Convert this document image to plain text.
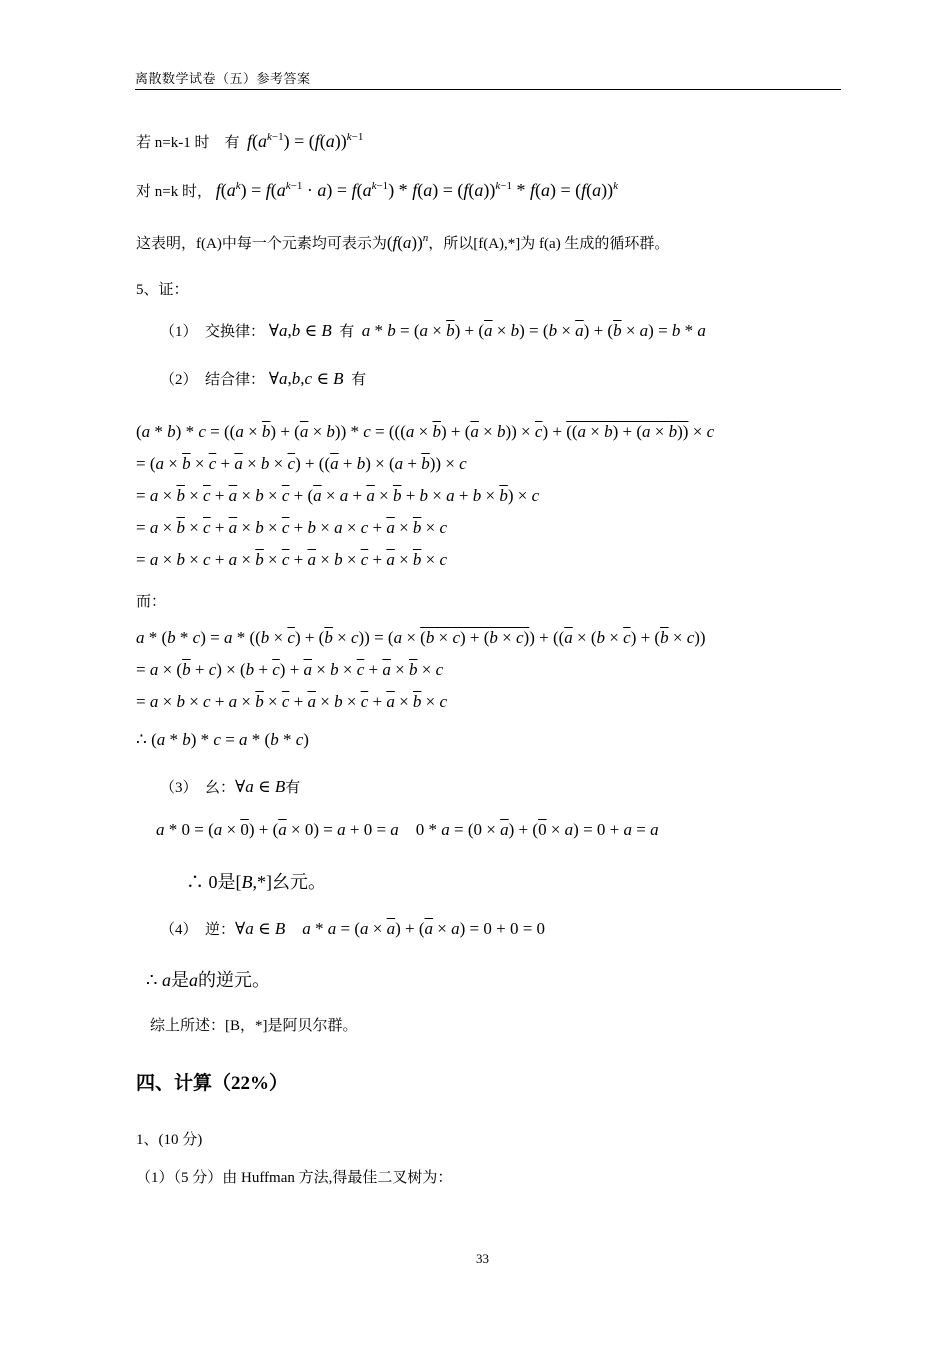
离散数学试卷（五）参考答案
若 n=k-1 时　有 $f(a^{k-1}) = (f(a))^{k-1}$
对 n=k 时， $f(a^k) = f(a^{k-1} \cdot a) = f(a^{k-1}) * f(a) = (f(a))^{k-1} * f(a) = (f(a))^k$
这表明，f(A)中每一个元素均可表示为$(f(a))^n$，所以[f(A),*]为 f(a) 生成的循环群。
5、证：
（1）　交换律： ∀a,b ∈ B  有  $a * b = (a \times \overline{b}) + (\overline{a} \times b) = (b \times \overline{a}) + (\overline{b} \times a) = b * a$
（2）　结合律： ∀a,b,c ∈ B 有
$(a * b) * c = ((a \times \overline{b}) + (\overline{a} \times b)) * c = (((a \times \overline{b}) + (\overline{a} \times b)) \times \overline{c}) + ((a \times b) + (a \times b)) \times c$
= $(a \times \overline{b} \times \overline{c} + \overline{a} \times b \times \overline{c}) + ((\overline{a} + b) \times (a + \overline{b})) \times c$
= $a \times \overline{b} \times \overline{c} + \overline{a} \times b \times \overline{c} + (\overline{a} \times a + \overline{a} \times \overline{b} + b \times a + b \times \overline{b}) \times c$
= $a \times \overline{b} \times \overline{c} + \overline{a} \times b \times \overline{c} + b \times a \times c + \overline{a} \times \overline{b} \times c$
= $a \times b \times c + a \times \overline{b} \times \overline{c} + \overline{a} \times b \times \overline{c} + \overline{a} \times \overline{b} \times c$
而：
$a * (b * c) = a * ((b \times \overline{c}) + (\overline{b} \times c)) = (a \times (b \times c) + (b \times c)) + ((\overline{a} \times (b \times \overline{c}) + (\overline{b} \times c))$
= $a \times (\overline{b} + c) \times (b + \overline{c}) + \overline{a} \times b \times \overline{c} + \overline{a} \times \overline{b} \times c$
= $a \times b \times c + a \times \overline{b} \times \overline{c} + \overline{a} \times b \times \overline{c} + \overline{a} \times \overline{b} \times c$
∴ (a * b) * c = a * (b * c)
（3）　幺：∀a ∈ B有
$a * 0 = (a \times 0) + (\overline{a} \times 0) = a + 0 = a$    $0 * a = (0 \times \overline{a}) + (0 \times a) = 0 + a = a$
∴ 0是[B,*]幺元。
（4）　逆：∀a ∈ B $a * a = (a \times \overline{a}) + (\overline{a} \times a) = 0 + 0 = 0$
∴ a是a的逆元。
综上所述：[B，*]是阿贝尔群。
四、计算（22%）
1、(10 分)
（1）（5 分）由 Huffman 方法,得最佳二叉树为：
33
